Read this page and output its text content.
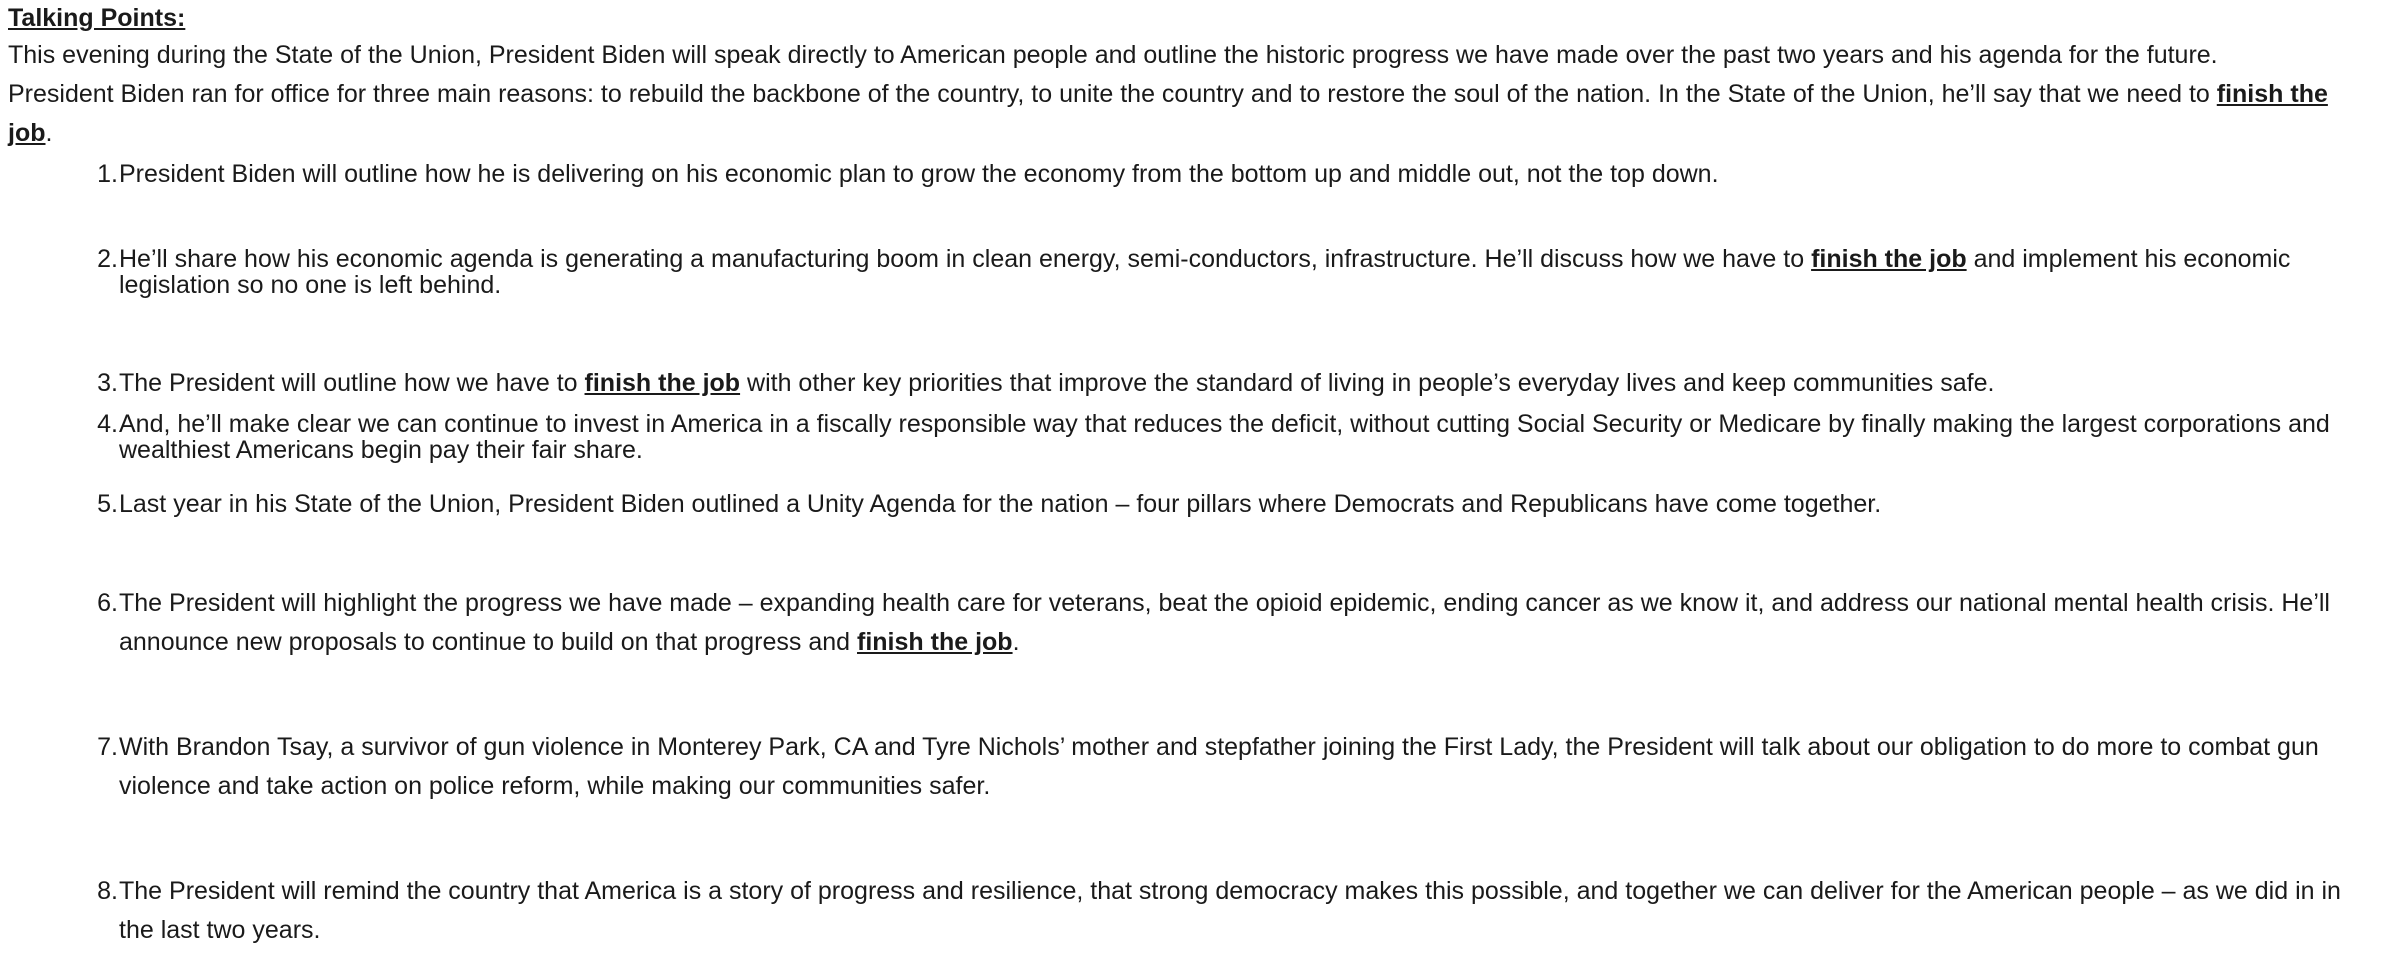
Talking Points:

This evening during the State of the Union, President Biden will speak directly to American people and outline the historic progress we have made over the past two years and his agenda for the future.

President Biden ran for office for three main reasons: to rebuild the backbone of the country, to unite the country and to restore the soul of the nation. In the State of the Union, he’ll say that we need to finish the job.

1. President Biden will outline how he is delivering on his economic plan to grow the economy from the bottom up and middle out, not the top down.
2. He’ll share how his economic agenda is generating a manufacturing boom in clean energy, semi-conductors, infrastructure. He’ll discuss how we have to finish the job and implement his economic legislation so no one is left behind.
3. The President will outline how we have to finish the job with other key priorities that improve the standard of living in people’s everyday lives and keep communities safe.
4. And, he’ll make clear we can continue to invest in America in a fiscally responsible way that reduces the deficit, without cutting Social Security or Medicare by finally making the largest corporations and wealthiest Americans begin pay their fair share.
5. Last year in his State of the Union, President Biden outlined a Unity Agenda for the nation – four pillars where Democrats and Republicans have come together.
6. The President will highlight the progress we have made – expanding health care for veterans, beat the opioid epidemic, ending cancer as we know it, and address our national mental health crisis. He’ll announce new proposals to continue to build on that progress and finish the job.
7. With Brandon Tsay, a survivor of gun violence in Monterey Park, CA and Tyre Nichols’ mother and stepfather joining the First Lady, the President will talk about our obligation to do more to combat gun violence and take action on police reform, while making our communities safer.
8. The President will remind the country that America is a story of progress and resilience, that strong democracy makes this possible, and together we can deliver for the American people – as we did in in the last two years.
